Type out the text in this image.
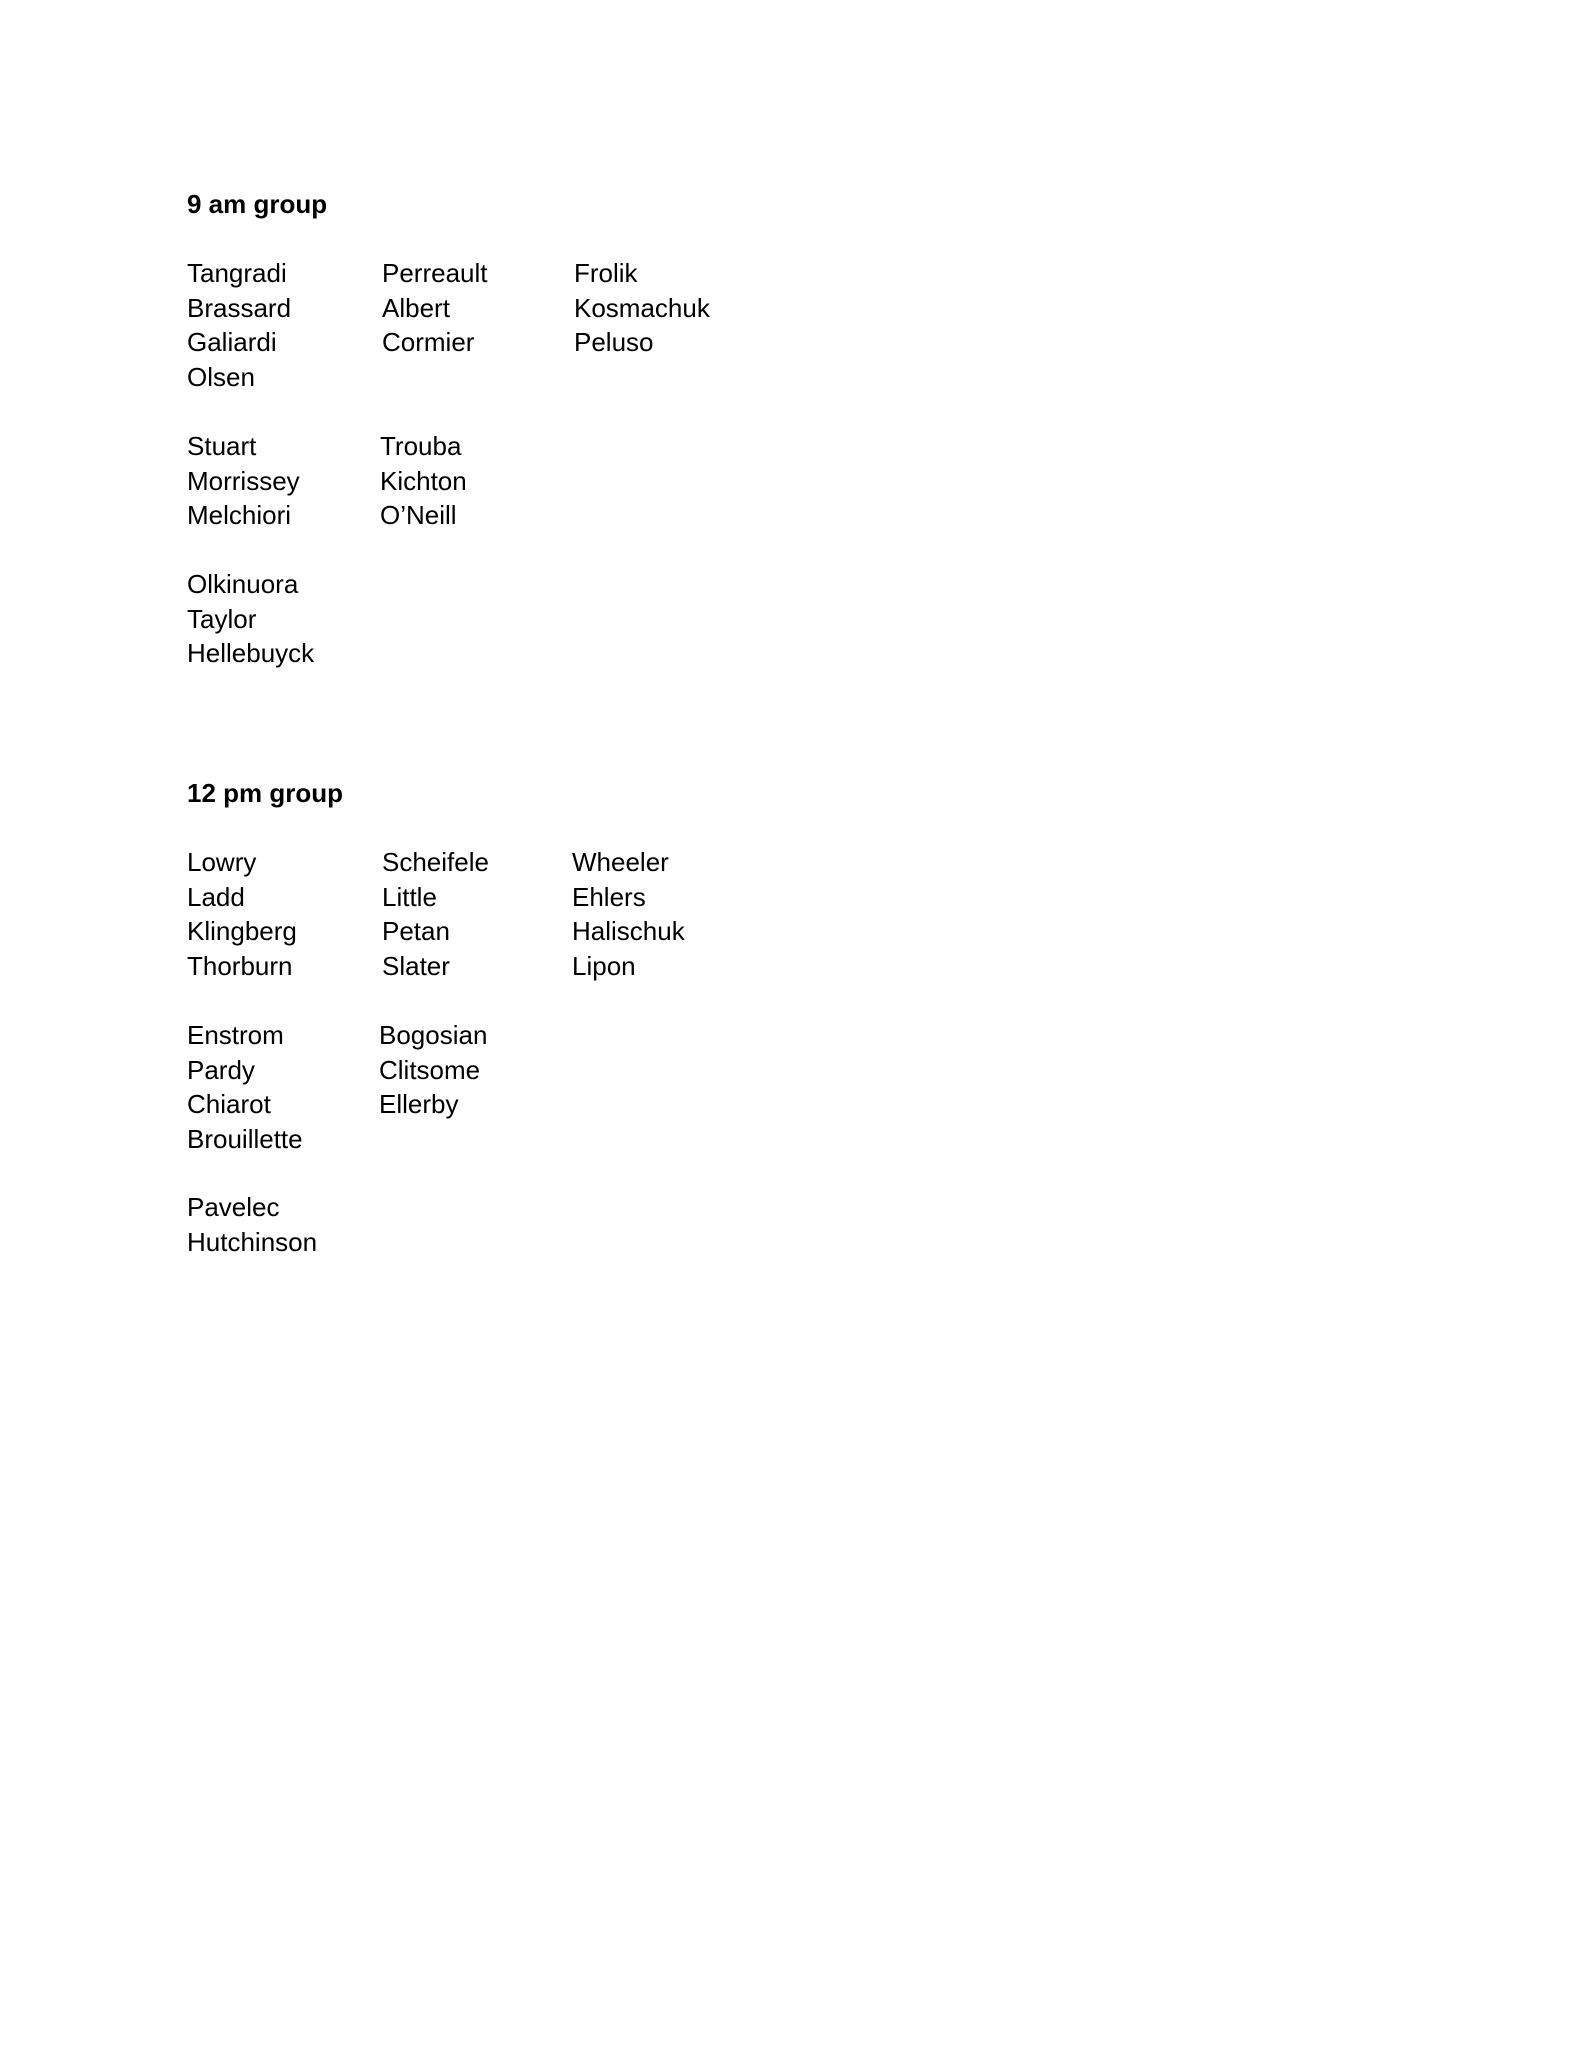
9 am group
Tangradi
Brassard
Galiardi
Olsen
Perreault
Albert
Cormier
Frolik
Kosmachuk
Peluso
Stuart
Morrissey
Melchiori
Trouba
Kichton
O’Neill
Olkinuora
Taylor
Hellebuyck
12 pm group
Lowry
Ladd
Klingberg
Thorburn
Scheifele
Little
Petan
Slater
Wheeler
Ehlers
Halischuk
Lipon
Enstrom
Pardy
Chiarot
Brouillette
Bogosian
Clitsome
Ellerby
Pavelec
Hutchinson
